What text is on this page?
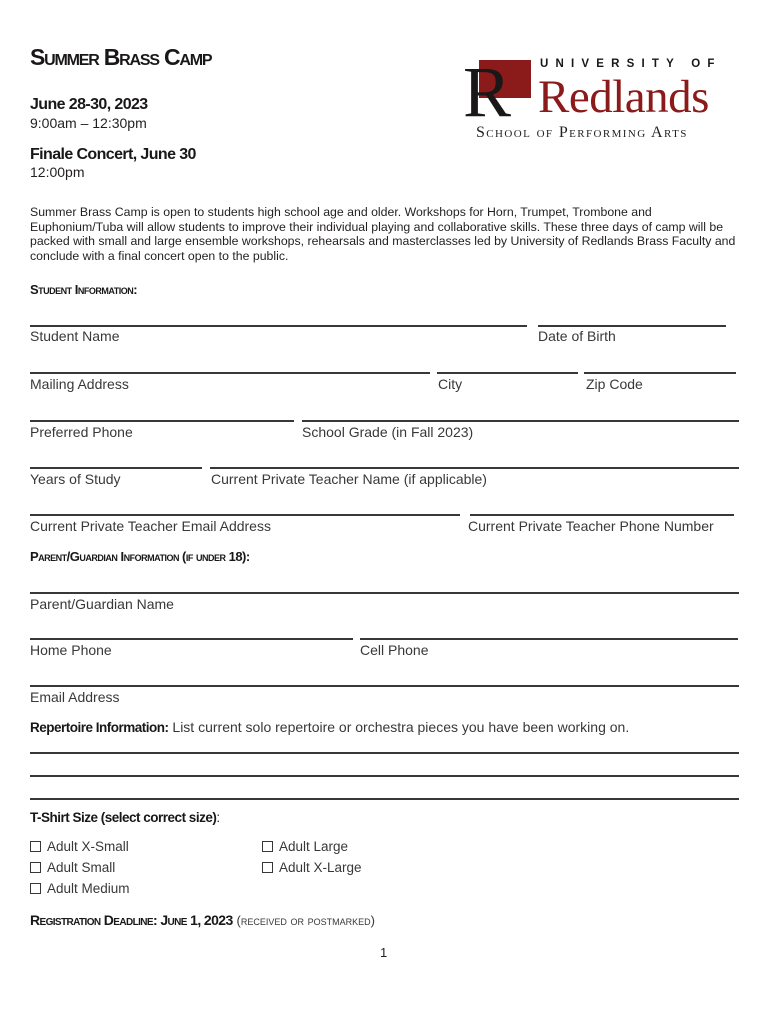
Summer Brass Camp
June 28-30, 2023
9:00am – 12:30pm
Finale Concert, June 30
12:00pm
R	UNIVERSITY OF
Redlands
School of Performing Arts
Summer Brass Camp is open to students high school age and older. Workshops for Horn, Trumpet, Trombone and Euphonium/Tuba will allow students to improve their individual playing and collaborative skills. These three days of camp will be packed with small and large ensemble workshops, rehearsals and masterclasses led by University of Redlands Brass Faculty and conclude with a final concert open to the public.
Student Information:
Student Name	Date of Birth
Mailing Address	City	Zip Code
Preferred Phone	School Grade (in Fall 2023)
Years of Study	Current Private Teacher Name (if applicable)
Current Private Teacher Email Address	Current Private Teacher Phone Number
Parent/Guardian Information (if under 18):
Parent/Guardian Name
Home Phone	Cell Phone
Email Address
Repertoire Information: List current solo repertoire or orchestra pieces you have been working on.
T-Shirt Size (select correct size):
Adult X-Small
Adult Small
Adult Medium
Adult Large
Adult X-Large
Registration Deadline: June 1, 2023 (received or postmarked)
1
